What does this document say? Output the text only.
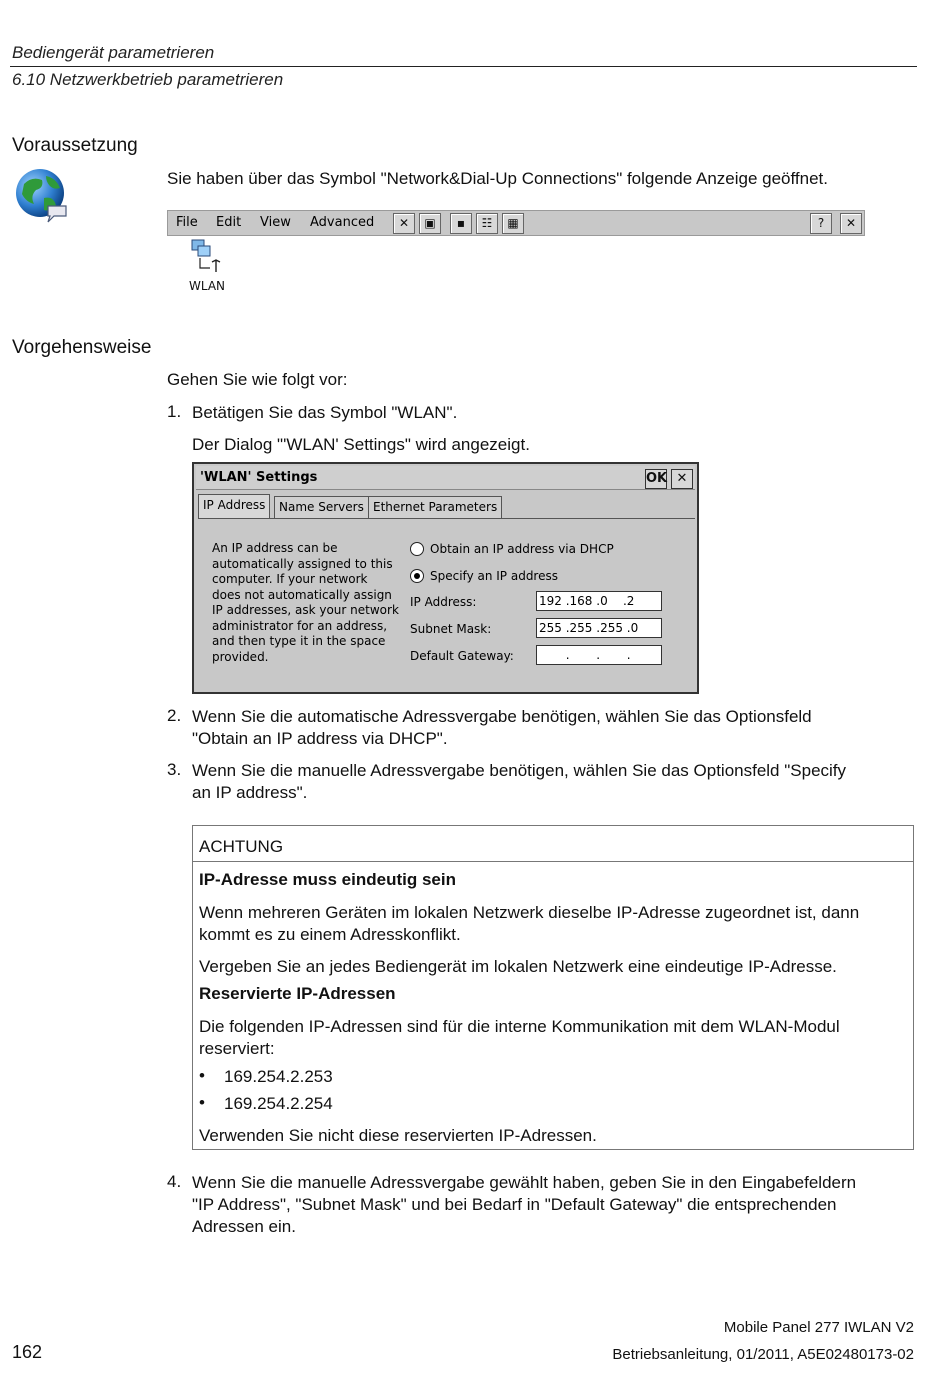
Bediengerät parametrieren
6.10 Netzwerkbetrieb parametrieren
Voraussetzung
Sie haben über das Symbol "Network&Dial-Up Connections" folgende Anzeige geöffnet.
File Edit View Advanced	✕	▣	▪	☷	▦	?	✕
WLAN
Vorgehensweise
Gehen Sie wie folgt vor:
1. Betätigen Sie das Symbol "WLAN".
Der Dialog "'WLAN' Settings" wird angezeigt.
'WLAN' Settings	OK ✕
IP Address	Name Servers Ethernet Parameters
An IP address can be
automatically assigned to this
computer. If your network
does not automatically assign
IP addresses, ask your network
administrator for an address,
and then type it in the space
provided.
Obtain an IP address via DHCP
Specify an IP address
IP Address:	192 .168 .0    .2
Subnet Mask:	255 .255 .255 .0
Default Gateway: .       .       .
2. Wenn Sie die automatische Adressvergabe benötigen, wählen Sie das Optionsfeld
"Obtain an IP address via DHCP".
3. Wenn Sie die manuelle Adressvergabe benötigen, wählen Sie das Optionsfeld "Specify
an IP address".
ACHTUNG
IP-Adresse muss eindeutig sein
Wenn mehreren Geräten im lokalen Netzwerk dieselbe IP-Adresse zugeordnet ist, dann
kommt es zu einem Adresskonflikt.
Vergeben Sie an jedes Bediengerät im lokalen Netzwerk eine eindeutige IP-Adresse.
Reservierte IP-Adressen
Die folgenden IP-Adressen sind für die interne Kommunikation mit dem WLAN-Modul
reserviert:
• 169.254.2.253
• 169.254.2.254
Verwenden Sie nicht diese reservierten IP-Adressen.
4. Wenn Sie die manuelle Adressvergabe gewählt haben, geben Sie in den Eingabefeldern
"IP Address", "Subnet Mask" und bei Bedarf in "Default Gateway" die entsprechenden
Adressen ein.
Mobile Panel 277 IWLAN V2
162	Betriebsanleitung, 01/2011, A5E02480173-02
